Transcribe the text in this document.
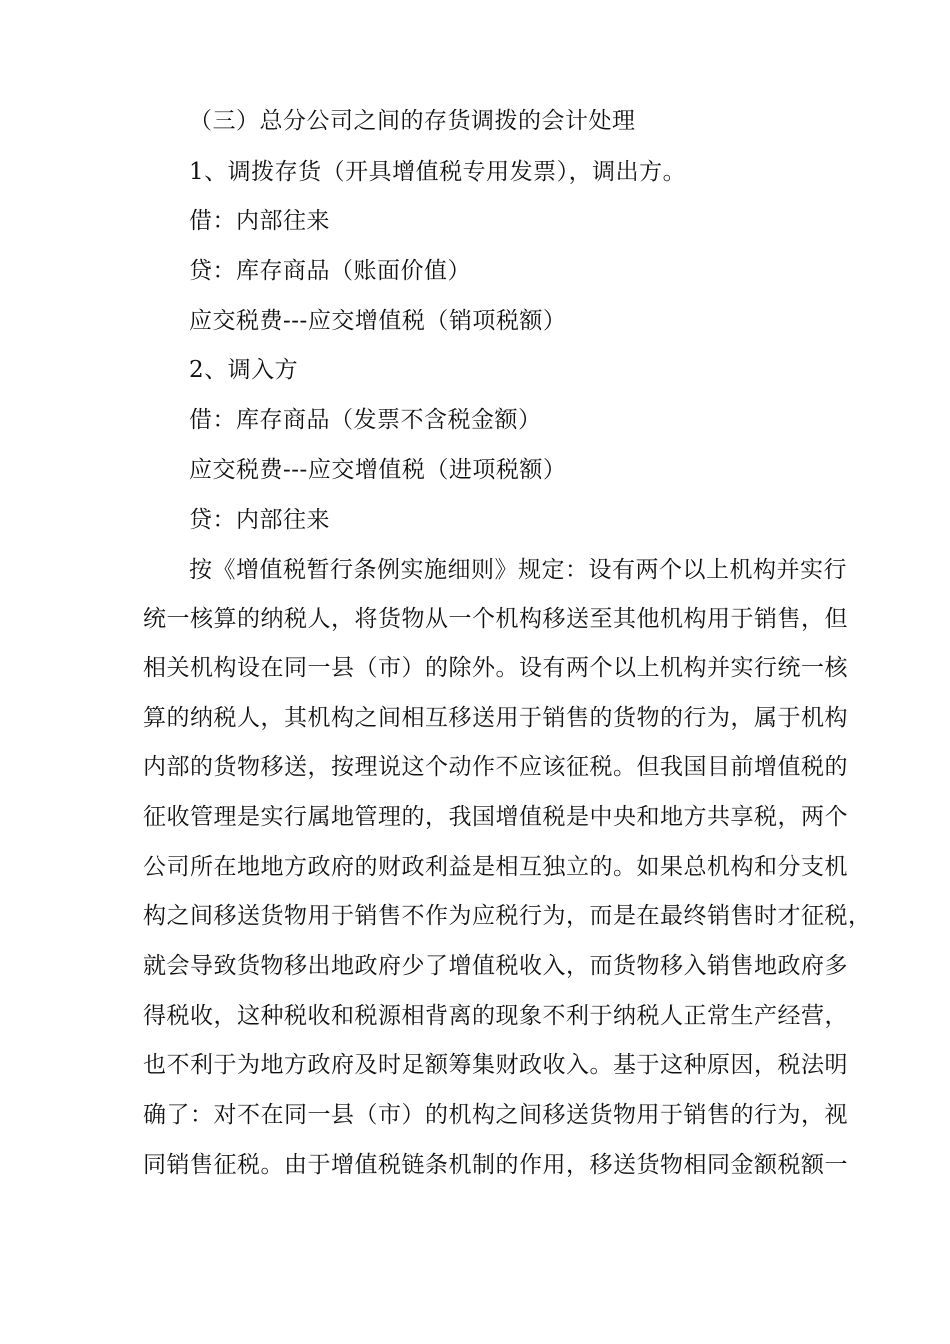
（三）总分公司之间的存货调拨的会计处理
1、调拨存货（开具增值税专用发票），调出方。
借：内部往来
贷：库存商品（账面价值）
应交税费---应交增值税（销项税额）
2、调入方
借：库存商品（发票不含税金额）
应交税费---应交增值税（进项税额）
贷：内部往来
按《增值税暂行条例实施细则》规定：设有两个以上机构并实行
统一核算的纳税人，将货物从一个机构移送至其他机构用于销售，但
相关机构设在同一县（市）的除外。设有两个以上机构并实行统一核
算的纳税人，其机构之间相互移送用于销售的货物的行为，属于机构
内部的货物移送，按理说这个动作不应该征税。但我国目前增值税的
征收管理是实行属地管理的，我国增值税是中央和地方共享税，两个
公司所在地地方政府的财政利益是相互独立的。如果总机构和分支机
构之间移送货物用于销售不作为应税行为，而是在最终销售时才征税，
就会导致货物移出地政府少了增值税收入，而货物移入销售地政府多
得税收，这种税收和税源相背离的现象不利于纳税人正常生产经营，
也不利于为地方政府及时足额筹集财政收入。基于这种原因，税法明
确了：对不在同一县（市）的机构之间移送货物用于销售的行为，视
同销售征税。由于增值税链条机制的作用，移送货物相同金额税额一
